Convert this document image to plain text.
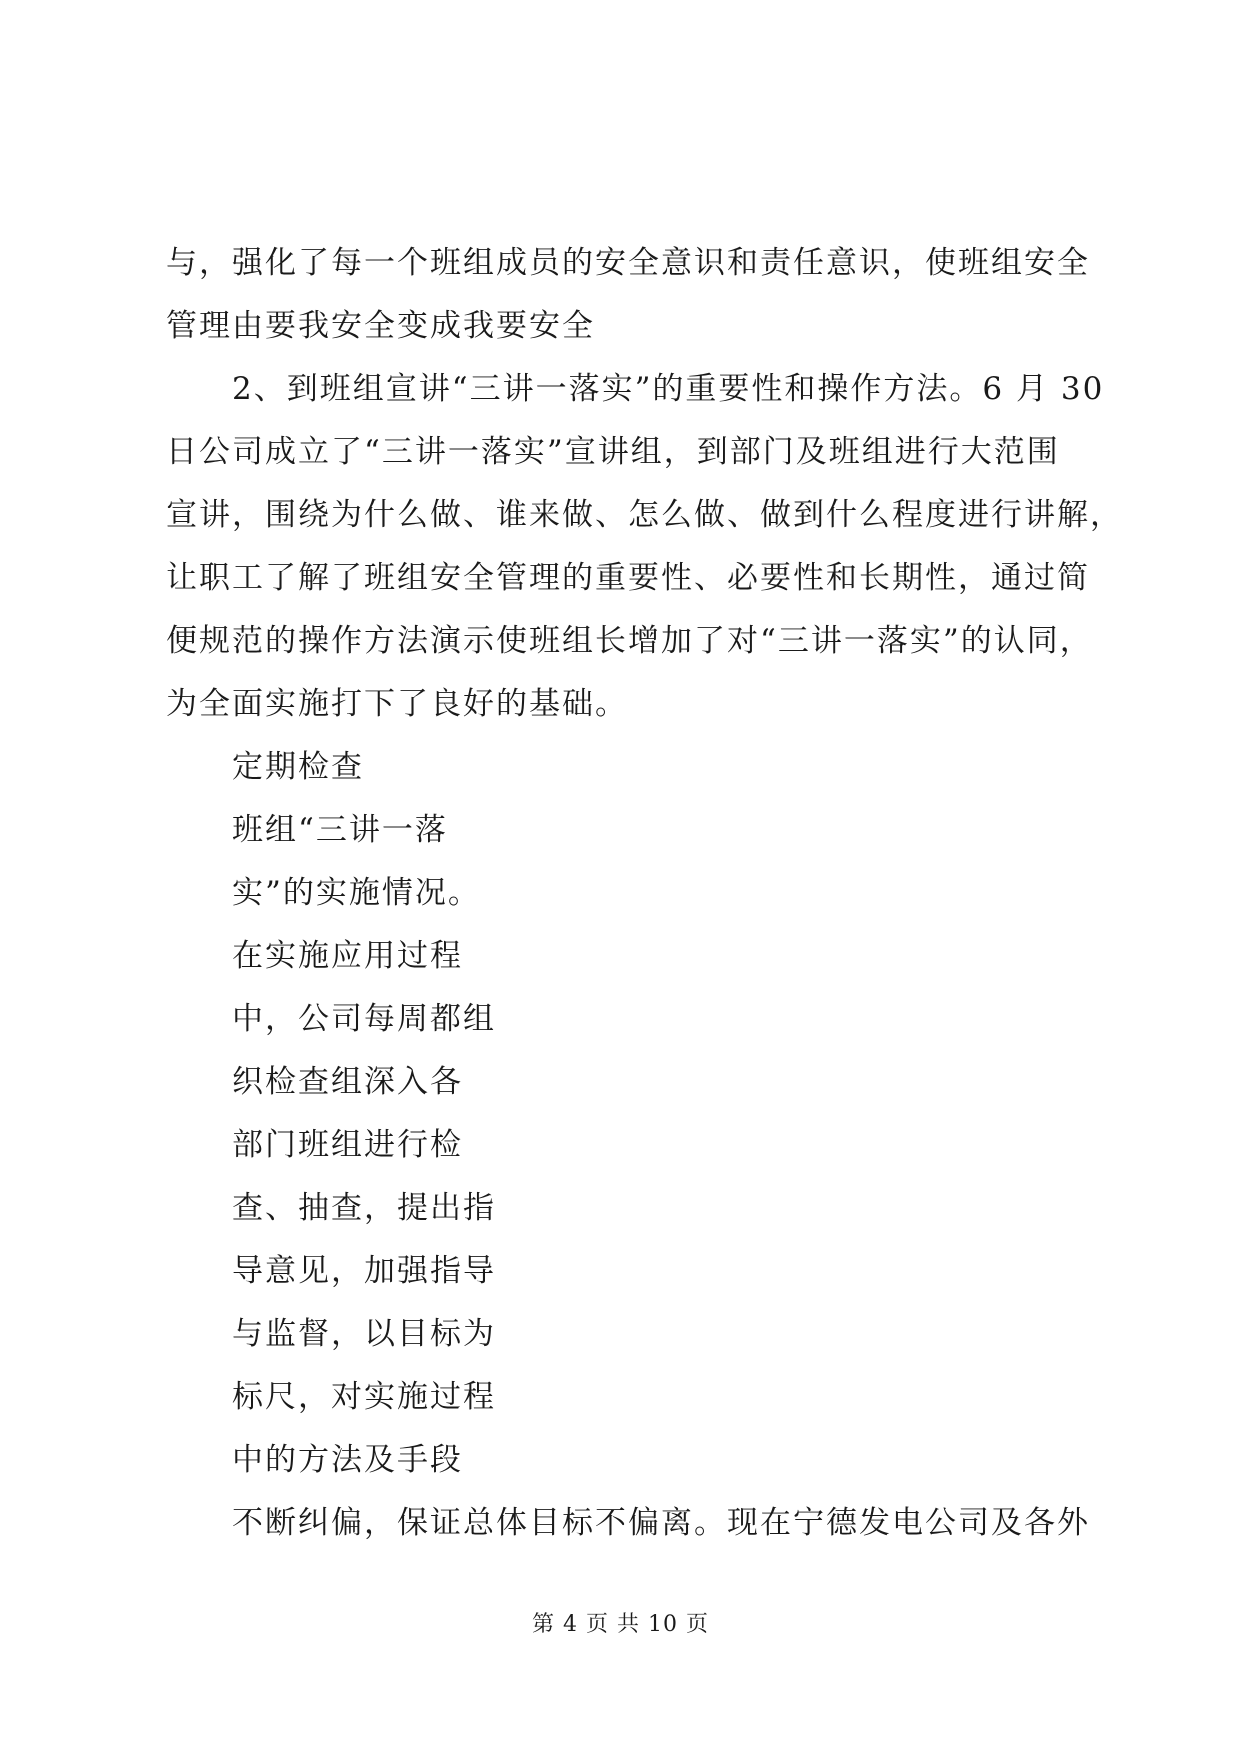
与，强化了每一个班组成员的安全意识和责任意识，使班组安全
管理由要我安全变成我要安全
2、到班组宣讲“三讲一落实”的重要性和操作方法。6 月 30
日公司成立了“三讲一落实”宣讲组，到部门及班组进行大范围
宣讲，围绕为什么做、谁来做、怎么做、做到什么程度进行讲解，
让职工了解了班组安全管理的重要性、必要性和长期性，通过简
便规范的操作方法演示使班组长增加了对“三讲一落实”的认同，
为全面实施打下了良好的基础。
定期检查
班组“三讲一落
实”的实施情况。
在实施应用过程
中，公司每周都组
织检查组深入各
部门班组进行检
查、抽查，提出指
导意见，加强指导
与监督，以目标为
标尺，对实施过程
中的方法及手段
不断纠偏，保证总体目标不偏离。现在宁德发电公司及各外
第 4 页 共 10 页
